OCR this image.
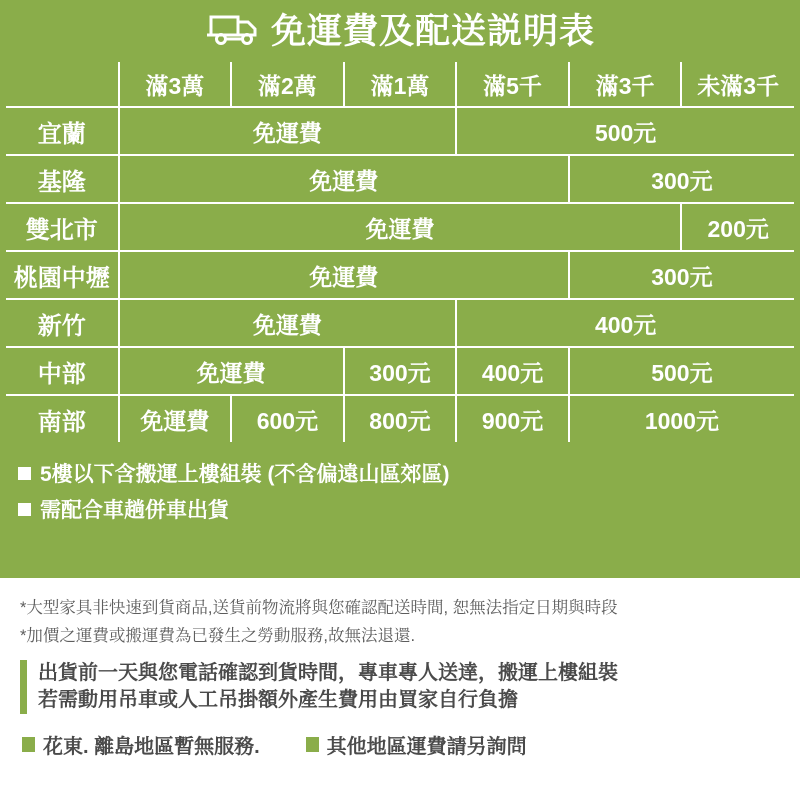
免運費及配送説明表
	滿3萬	滿2萬	滿1萬	滿5千	滿3千	未滿3千
宜蘭	免運費			500元		
基隆	免運費				300元	
雙北市	免運費					200元
桃園中壢	免運費				300元	
新竹	免運費			400元		
中部	免運費		300元	400元	500元	
南部	免運費	600元	800元	900元	1000元	
5樓以下含搬運上樓組裝 (不含偏遠山區郊區)
需配合車趟併車出貨
*大型家具非快速到貨商品,送貨前物流將與您確認配送時間, 恕無法指定日期與時段
*加價之運費或搬運費為已發生之勞動服務,故無法退還.
出貨前一天與您電話確認到貨時間，專車專人送達，搬運上樓組裝
若需動用吊車或人工吊掛額外產生費用由買家自行負擔
花東. 離島地區暫無服務.	其他地區運費請另詢問
